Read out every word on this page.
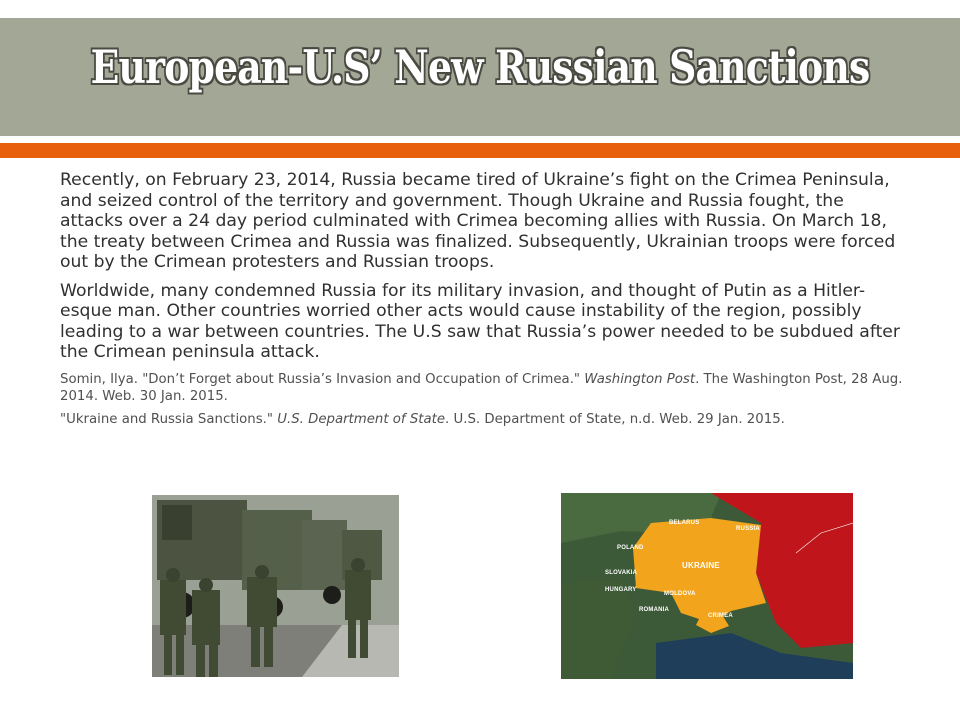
European-U.S’ New Russian Sanctions

Recently, on February 23, 2014, Russia became tired of Ukraine’s fight on the Crimea Peninsula, and seized control of the territory and government. Though Ukraine and Russia fought, the attacks over a 24 day period culminated with Crimea becoming allies with Russia. On March 18, the treaty between Crimea and Russia was finalized. Subsequently, Ukrainian troops were forced out by the Crimean protesters and Russian troops.

Worldwide, many condemned Russia for its military invasion, and thought of Putin as a Hitler-esque man. Other countries worried other acts would cause instability of the region, possibly leading to a war between countries. The U.S saw that Russia’s power needed to be subdued after the Crimean peninsula attack.

Somin, Ilya. "Don’t Forget about Russia’s Invasion and Occupation of Crimea." Washington Post. The Washington Post, 28 Aug. 2014. Web. 30 Jan. 2015.
"Ukraine and Russia Sanctions." U.S. Department of State. U.S. Department of State, n.d. Web. 29 Jan. 2015.
BELARUS
RUSSIA
POLAND
UKRAINE
SLOVAKIA
HUNGARY
MOLDOVA
ROMANIA
CRIMEA
